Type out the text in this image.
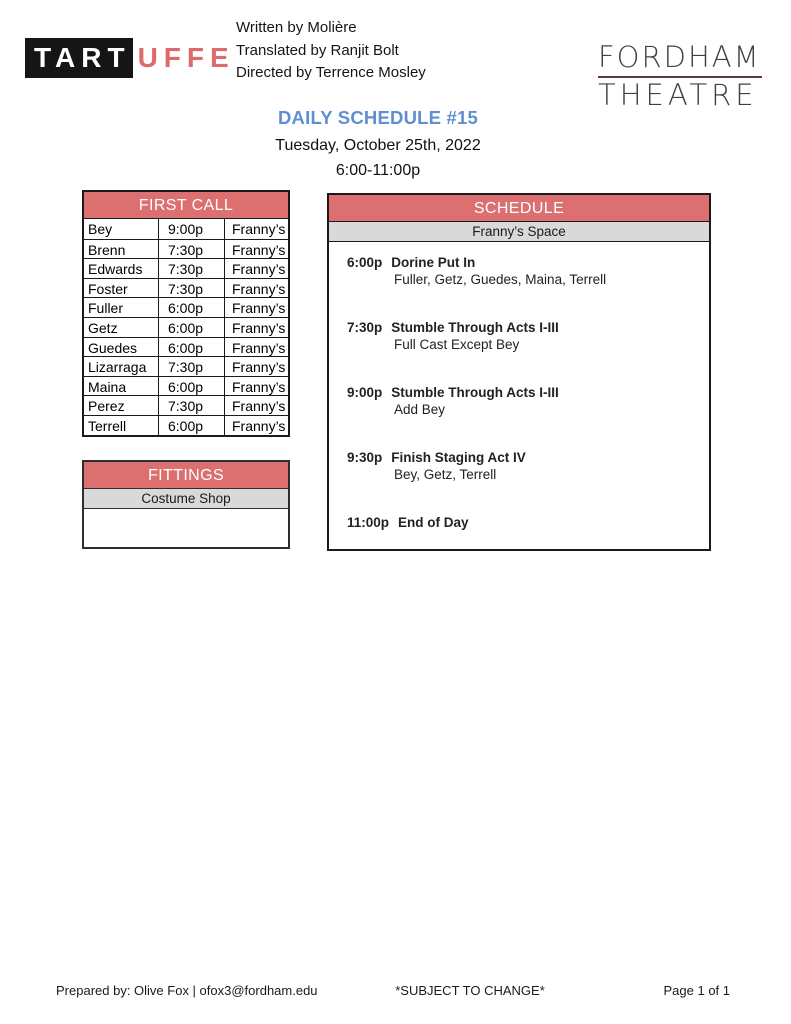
TART UFFE
Written by Molière
Translated by Ranjit Bolt
Directed by Terrence Mosley	FORDHAM
THEATRE
DAILY SCHEDULE #15
Tuesday, October 25th, 2022
6:00-11:00p
FIRST CALL
Bey	9:00p	Franny’s
Brenn	7:30p	Franny’s
Edwards	7:30p	Franny’s
Foster	7:30p	Franny’s
Fuller	6:00p	Franny’s
Getz	6:00p	Franny’s
Guedes	6:00p	Franny’s
Lizarraga	7:30p	Franny’s
Maina	6:00p	Franny’s
Perez	7:30p	Franny’s
Terrell	6:00p	Franny’s
FITTINGS
Costume Shop
SCHEDULE
Franny’s Space
6:00p Dorine Put In
Fuller, Getz, Guedes, Maina, Terrell
7:30p Stumble Through Acts I-III
Full Cast Except Bey
9:00p Stumble Through Acts I-III
Add Bey
9:30p Finish Staging Act IV
Bey, Getz, Terrell
11:00p End of Day
Prepared by: Olive Fox | ofox3@fordham.edu	*SUBJECT TO CHANGE*	Page 1 of 1
